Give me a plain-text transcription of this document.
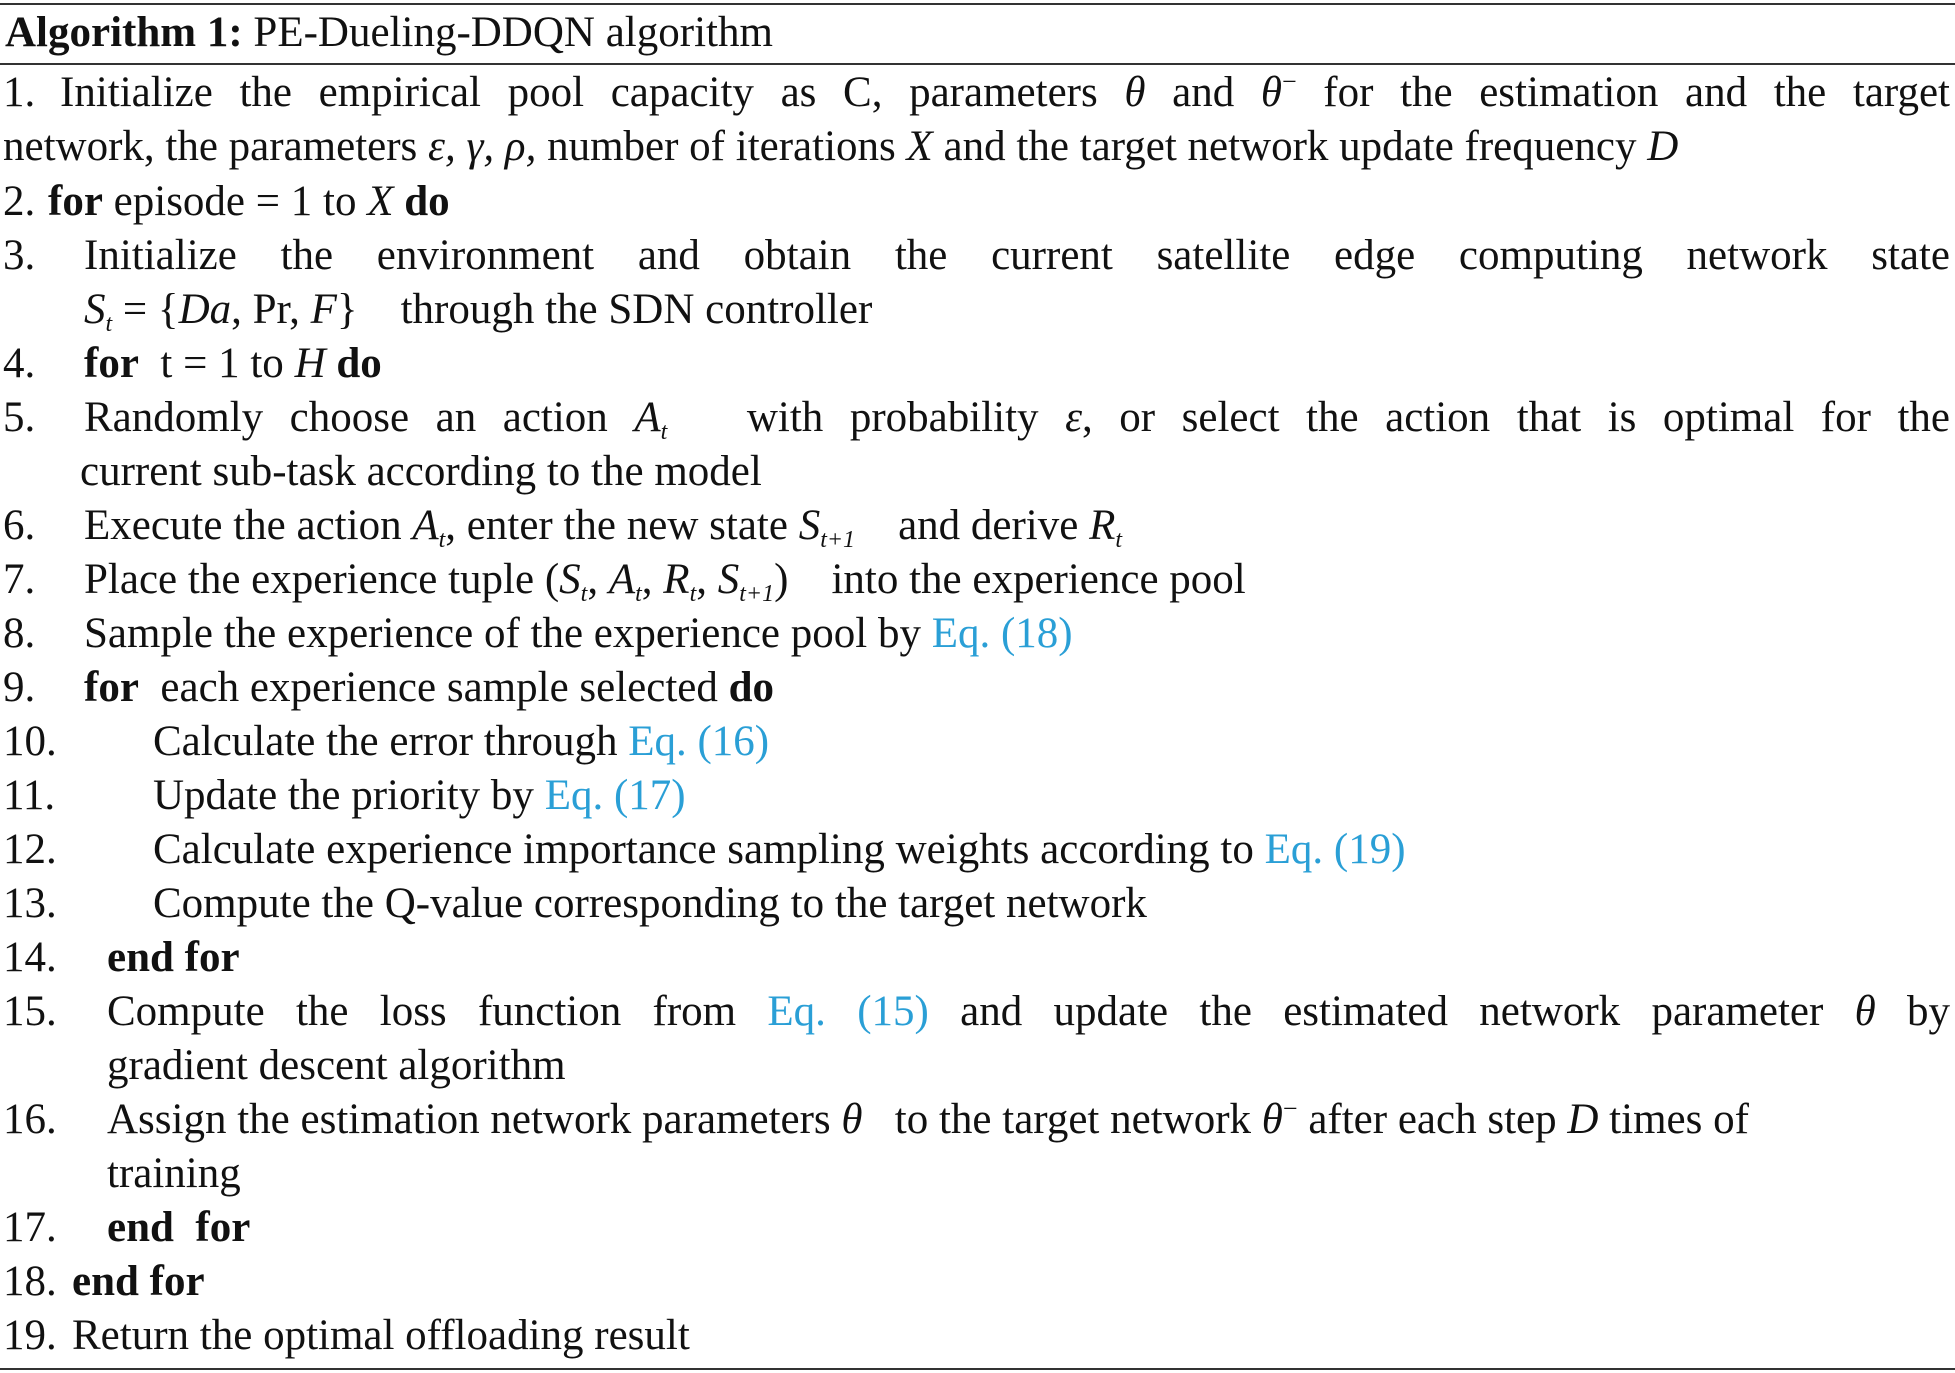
Algorithm 1: PE-Dueling-DDQN algorithm
1. Initialize the empirical pool capacity as C, parameters θ and θ− for the estimation and the target
network, the parameters ε, γ, ρ, number of iterations X and the target network update frequency D
2. for episode = 1 to X do
3. Initialize the environment and obtain the current satellite edge computing network state
$S_t = \{Da$, Pr, F} through the SDN controller
4. for t = 1 to H do
5. Randomly choose an action $A_t$ with probability ε, or select the action that is optimal for the
current sub-task according to the model
6. Execute the action $A_t$, enter the new state $S_{t+1}$ and derive $R_t$
7. Place the experience tuple ($S_t$, $A_t$, $R_t$, $S_{t+1}$) into the experience pool
8. Sample the experience of the experience pool by Eq. (18)
9. for each experience sample selected do
10. Calculate the error through Eq. (16)
11. Update the priority by Eq. (17)
12. Calculate experience importance sampling weights according to Eq. (19)
13. Compute the Q-value corresponding to the target network
14. end for
15. Compute the loss function from Eq. (15) and update the estimated network parameter θ by
gradient descent algorithm
16. Assign the estimation network parameters θ to the target network θ− after each step D times of
training
17. end  for
18. end for
19. Return the optimal offloading result
